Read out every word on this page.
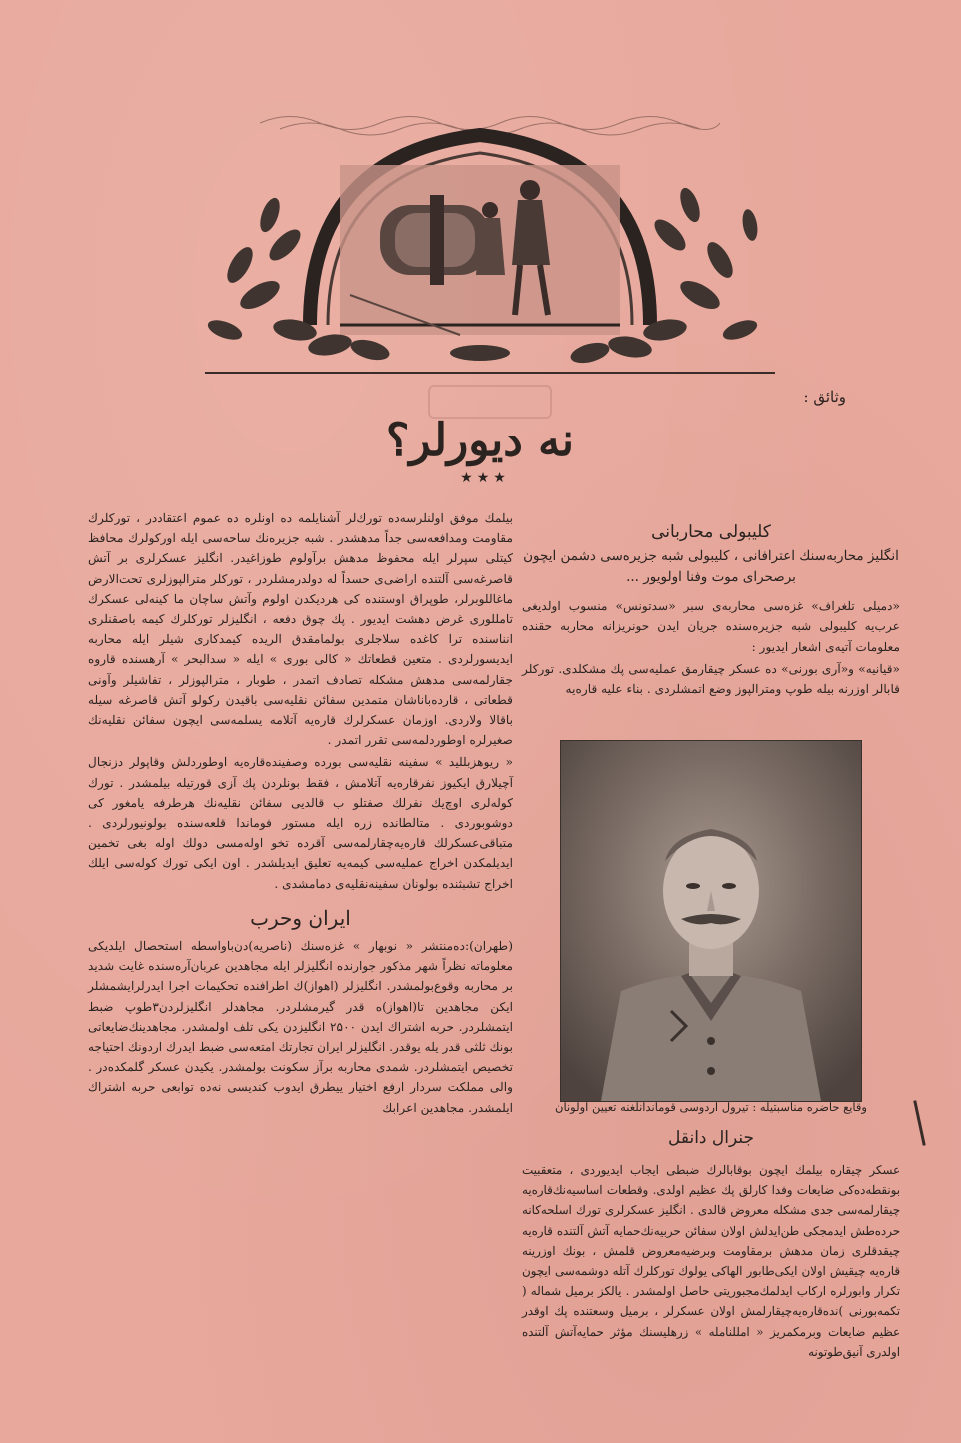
وثائق :
نه ديورلر؟
★★★

بيلمك موفق اولنلرسه‌ده تورك‌لر آشنايلمه ده اونلره ده عموم اعتقاددر ، توركلرك مقاومت ومدافعه‌سی جداً مدهشدر . شبه جزيره‌نك ساحه‌سی ايله اوركولرك محافظ كيتلی سپرلر ايله محفوظ مدهش برآولوم طوزاغيدر. انگليز عسكرلری بر آتش قاصرغه‌سی آلتنده اراضی‌ی حسداً له دولدرمشلردر ، توركلر مترالپوزلری تحت‌الارض ماغاللوبرلر، طوپراق اوستنده کی هرديكدن اولوم وآتش ساچان ما كينه‌لی عسكرك تامللوری غرض دهشت ايديور . پك چوق دفعه ، انگليزلر توركلرك كيمه باصقنلری انناسنده ترا كاغده سلاجلری بولمامقدق الريده كيمدكاری شيلر ايله محاربه ايديسورلردی . متعين قطعاتك « كالی بوری » ايله « سدالبحر » آرهسنده قاروه جقارلمه‌سی مدهش مشكله تصادف اتمدر ، طوبار ، مترالپوزلر ، تفاشیلر وآونی قطعاتی ، قارده‌باناشان متمدین سفائن نقليه‌سی باقيدن ركولو آتش قاصرغه سيله باقالا ولاردی. اوزمان عسكرلرك قاره‌يه آتلامه يسلمه‌سی ايچون سفائن نقليه‌نك صغيرلره اوطوردلمه‌سی تقرر اتمدر .

« ريوهزبلليد » سفينه نقليه‌سی بورده وصفينده‌قاره‌يه اوطوردلش وقاپولر دزنجال آچيلارق ايكيوز نفرقاره‌يه آتلامش ، فقط بونلردن پك آزی قورتيله بيلمشدر . تورك كوله‌لری اوچ‌يك نفرلك صفتلو ب قالديی سفائن نقليه‌نك هرطرفه يامغور كی دوشوبوردی . متالطانده زره ايله مستور فوماندا قلعه‌سنده بولونيورلردی . متباقی‌عسكرلك قاره‌يه‌چقارلمه‌سی آقرده تخو اوله‌مسی دولك اوله بغی تخمين ايديلمكدن اخراج عمليه‌سی كيمه‌يه تعليق ايديلشدر . اون ايكی تورك كوله‌سی ايلك اخراج تشبثنده بولونان سفينه‌نقليه‌ی دمامشدی .

ايران وحرب

(طهران):ده‌منتشر « نوبهار » غزه‌سنك (ناصريه)دن‌باواسطه استحصال ايلديكی معلوماته نظراً شهر مذكور جوارنده انگليزلر ايله مجاهدين عربان‌آره‌سنده غايت شديد بر محاربه وقوع‌بولمشدر. انگليزلر (اهواز)ك اطرافنده تحكيمات اجرا ايدرلرايشمشلر ايكن مجاهدين تا(اهواز)ه قدر گيرمشلردر. مجاهدلر انگليزلردن۳طوپ ضبط ايتمشلردر. حربه اشتراك ايدن ۲۵۰۰ انگليزدن يكی تلف اولمشدر. مجاهدينك‌ضايعاتی بونك ثلثی قدر يله يوقدر. انگليزلر ايران تجارتك امتعه‌سی ضبط ايدرك اردونك احتياجه تخصيص ايتمشلردر. شمدی محاربه برآز سكونت بولمشدر. يكيدن عسكر گلمكده‌در . والی مملكت سردار ارفع اختيار ييطرق ايدوب كنديسی نه‌ده توابعی حربه اشتراك ايلمشدر. مجاهدين اعرابك

كليبولی محاربانی
انگليز محاربه‌سنك اعترافانی ، كليبولی شبه جزيره‌سی دشمن ايچون برصحرای موت وفنا اولويور ...

«دميلی تلغراف» غزه‌سی محاربه‌ی سبر «سدتونس» منسوب اولديغی عرب‌يه كليبولی شبه جزيره‌سنده جريان ايدن حونريزانه محاربه حقنده معلومات آتيه‌ی اشعار ايديور :

«قيانيه» و«آری بورنی» ده عسكر چيقارمق عمليه‌سی پك مشكلدی. توركلر قابالر اوزرنه بيله طوپ ومترالپوز وضع اتمشلردی . بناء عليه قاره‌يه

وقايع حاضره مناسبتيله : تيرول اردوسی قوماندانلغنه تعيين اولونان
جنرال دانقل

عسكر چيقاره بيلمك ايچون بوقابالرك ضبطی ايجاب ايديوردی ، متعقبيت بونقطه‌ده‌كی ضايعات وفدا كارلق پك عظيم اولدی. وقطعات اساسيه‌نك‌قاره‌يه چيقارلمه‌سی جدی مشكله معروض قالدی . انگليز عسكرلری تورك اسلحه‌كانه حرده‌طش ايدمجكی طن‌ايدلش اولان سفائن حربيه‌نك‌حمايه آتش آلتنده قاره‌يه چيقدقلری زمان مدهش برمقاومت وبرضيه‌معروض قلمش ، بونك اوزرينه قاره‌يه چيقيش اولان ايكی‌طابور الهاكی يولوك توركلرك آتله دوشمه‌سی ايچون تكرار وابورلره اركاب ايدلمك‌مجبوريتی حاصل اولمشدر . يالكز برميل شماله ( تكمه‌بورنی )نده‌قاره‌يه‌چيقارلمش اولان عسكرلر ، برميل وسعتنده پك اوقدر عظيم ضايعات وبرمكمريز « امللنامله » زرهليسنك مؤثر حمايه‌آتش آلتنده اولدری آنيق‌طوتونه
